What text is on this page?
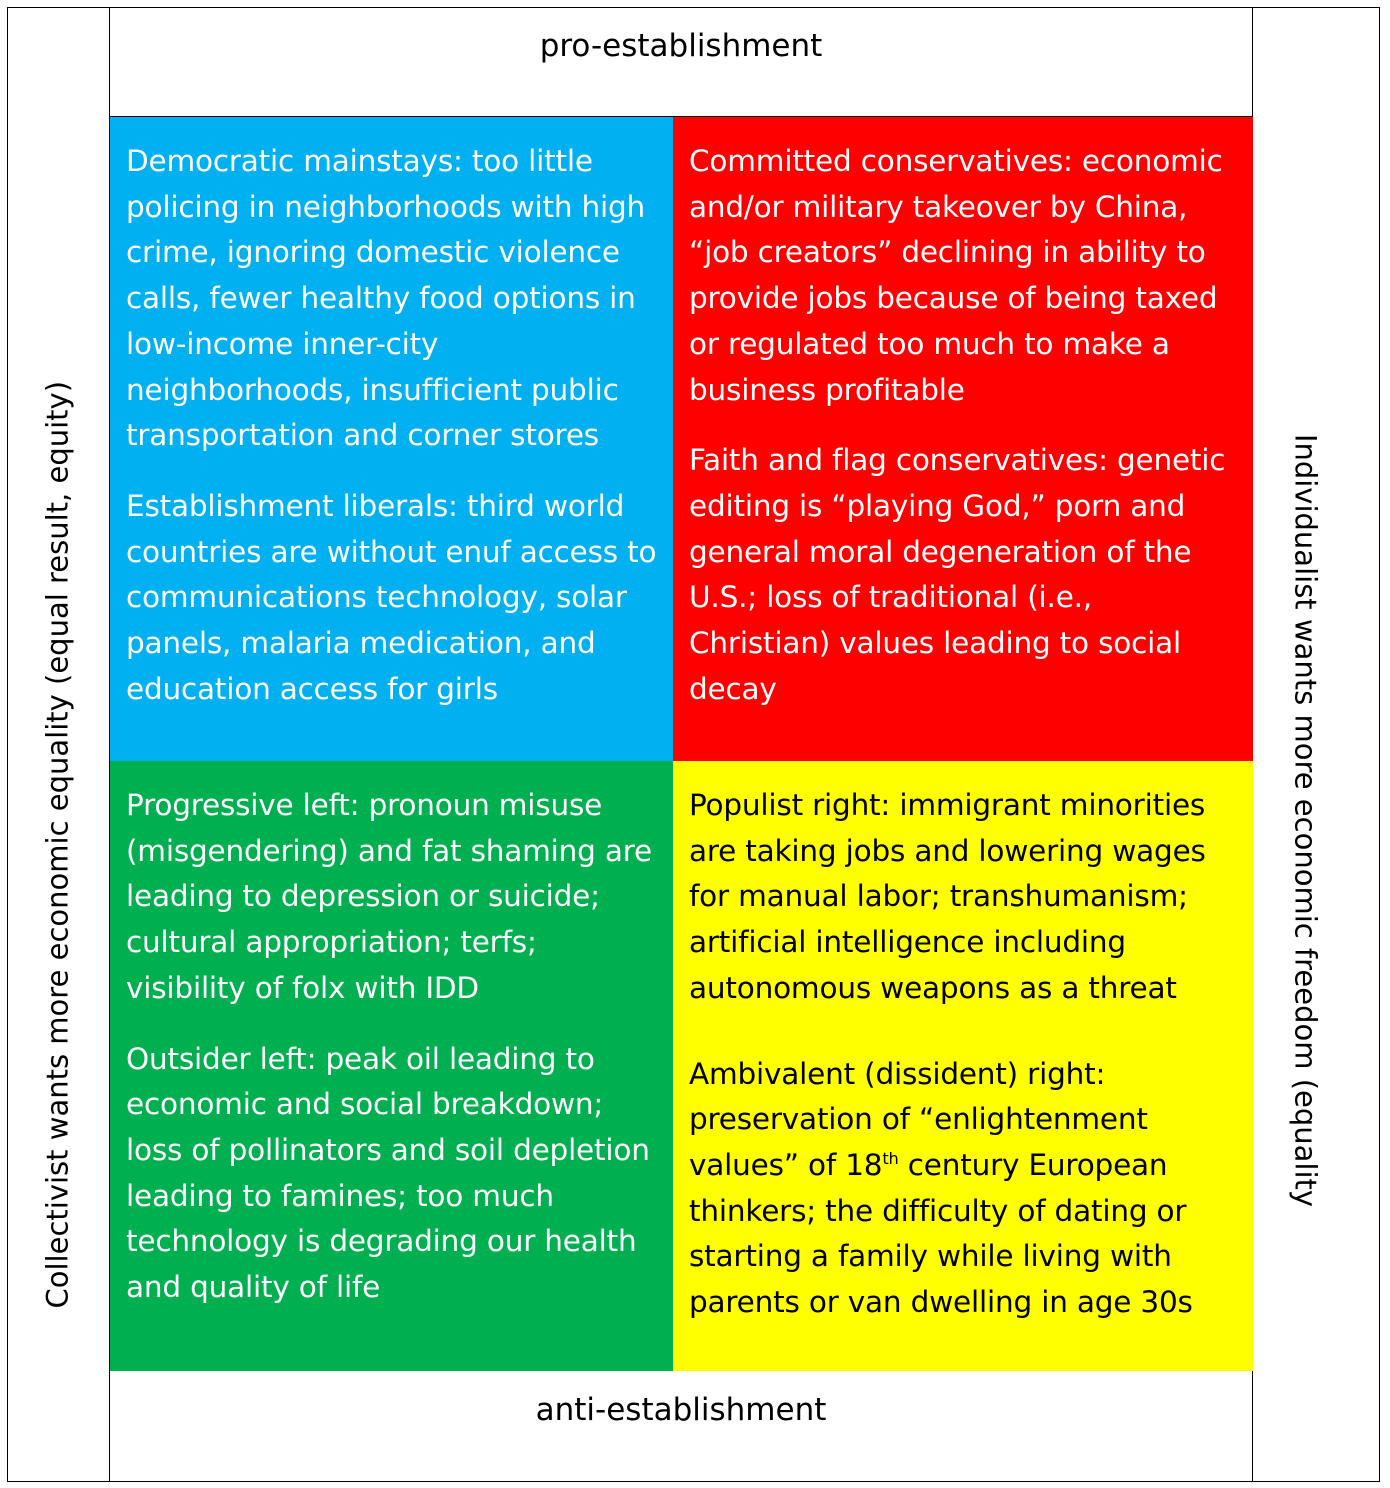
pro-establishment
anti-establishment
Collectivist wants more economic equality (equal result, equity)	Individualist wants more economic freedom (equality

Democratic mainstays: too little policing in neighborhoods with high crime, ignoring domestic violence calls, fewer healthy food options in low-income inner-city neighborhoods, insufficient public transportation and corner stores

Establishment liberals: third world countries are without enuf access to communications technology, solar panels, malaria medication, and education access for girls

Committed conservatives: economic and/or military takeover by China, “job creators” declining in ability to provide jobs because of being taxed or regulated too much to make a business profitable

Faith and flag conservatives: genetic editing is “playing God,” porn and general moral degeneration of the U.S.; loss of traditional (i.e., Christian) values leading to social decay

Progressive left: pronoun misuse (misgendering) and fat shaming are leading to depression or suicide; cultural appropriation; terfs; visibility of folx with IDD

Outsider left: peak oil leading to economic and social breakdown; loss of pollinators and soil depletion leading to famines; too much technology is degrading our health and quality of life

Populist right: immigrant minorities are taking jobs and lowering wages for manual labor; transhumanism; artificial intelligence including autonomous weapons as a threat

Ambivalent (dissident) right: preservation of “enlightenment values” of 18th century European thinkers; the difficulty of dating or starting a family while living with parents or van dwelling in age 30s
